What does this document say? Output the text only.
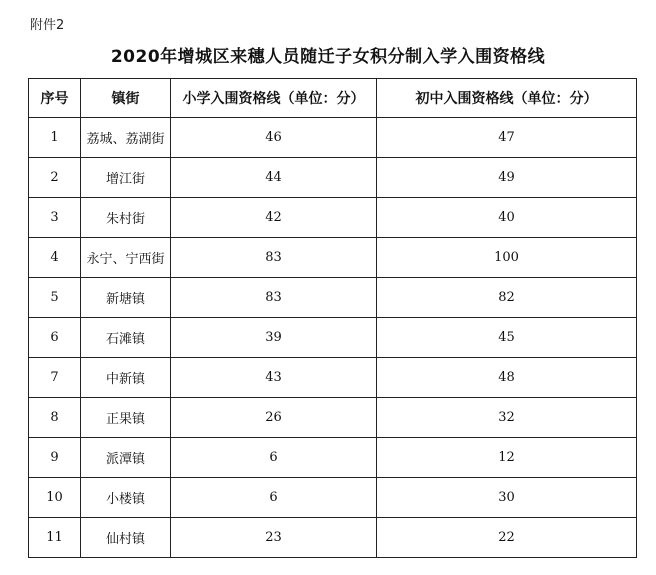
附件2
2020年增城区来穗人员随迁子女积分制入学入围资格线
序号	镇街	小学入围资格线（单位：分）	初中入围资格线（单位：分）
1	荔城、荔湖街	46	47
2	增江街	44	49
3	朱村街	42	40
4	永宁、宁西街	83	100
5	新塘镇	83	82
6	石滩镇	39	45
7	中新镇	43	48
8	正果镇	26	32
9	派潭镇	6	12
10	小楼镇	6	30
11	仙村镇	23	22
